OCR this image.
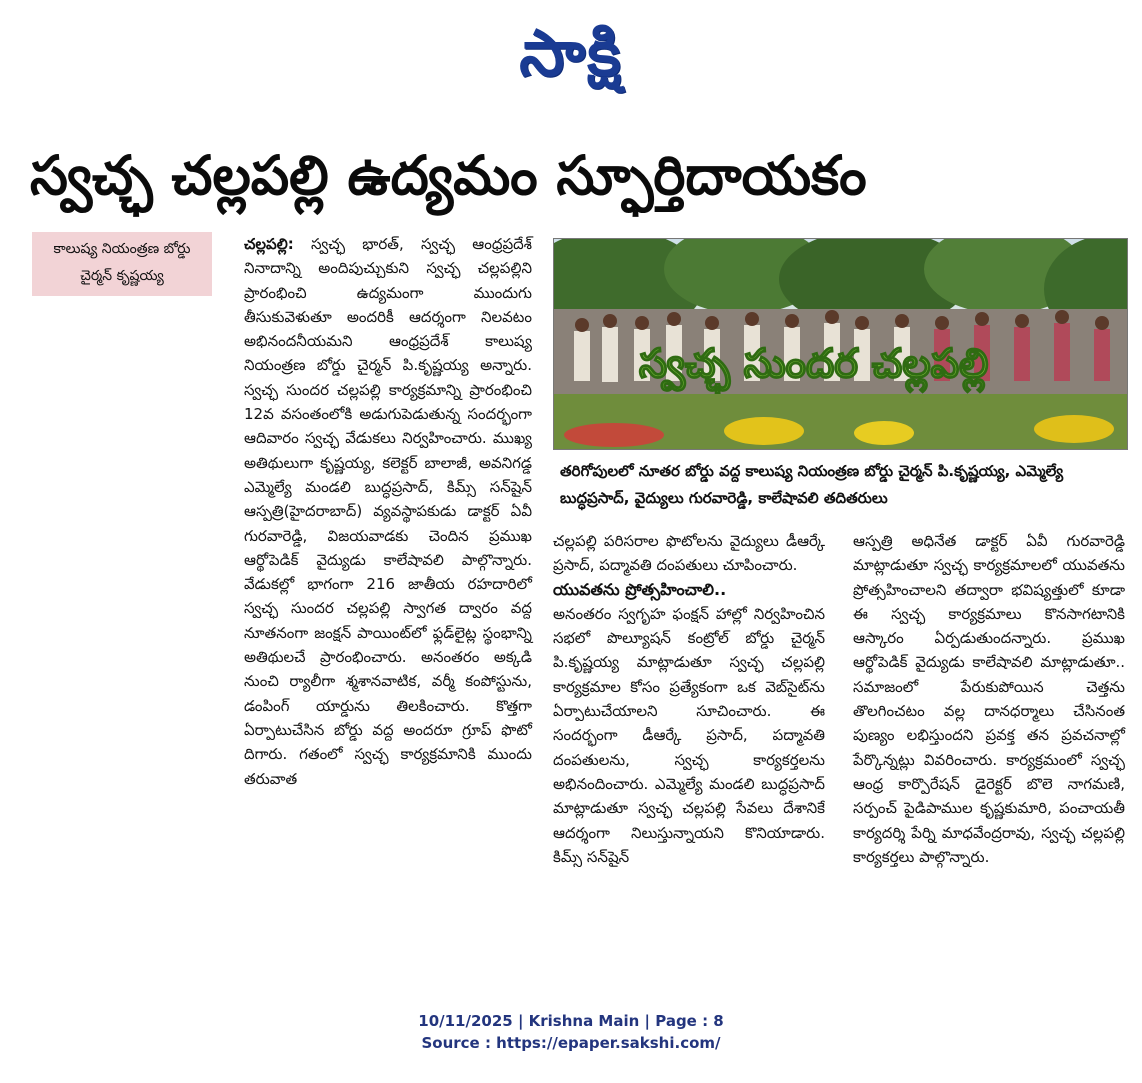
సాక్షి
స్వచ్ఛ చల్లపల్లి ఉద్యమం స్ఫూర్తిదాయకం
కాలుష్య నియంత్రణ బోర్డు చైర్మన్ కృష్ణయ్య

చల్లపల్లి: స్వచ్ఛ భారత్‌, స్వచ్ఛ ఆంధ్రప్రదేశ్‌ నినాదాన్ని అందిపుచ్చుకుని స్వచ్ఛ చల్లపల్లిని ప్రారంభించి ఉద్యమంగా ముందుగు తీసుకువెళుతూ అందరికీ ఆదర్శంగా నిలవటం అభినందనీయమని ఆంధ్రప్రదేశ్‌ కాలుష్య నియంత్రణ బోర్డు చైర్మన్‌ పి.కృష్ణయ్య అన్నారు. స్వచ్ఛ సుందర చల్లపల్లి కార్యక్రమాన్ని ప్రారంభించి 12వ వసంతంలోకి అడుగుపెడుతున్న సందర్భంగా ఆదివారం స్వచ్ఛ వేడుకలు నిర్వహించారు. ముఖ్య అతిథులుగా కృష్ణయ్య, కలెక్టర్‌ బాలాజీ, అవనిగడ్డ ఎమ్మెల్యే మండలి బుద్ధప్రసాద్‌, కిమ్స్‌ సన్‌షైన్‌ ఆస్పత్రి(హైదరాబాద్‌) వ్యవస్థాపకుడు డాక్టర్‌ ఏవీ గురవారెడ్డి, విజయవాడకు చెందిన ప్రముఖ ఆర్థోపెడిక్‌ వైద్యుడు కాలేషావలి పాల్గొన్నారు. వేడుకల్లో భాగంగా 216 జాతీయ రహదారిలో స్వచ్ఛ సుందర చల్లపల్లి స్వాగత ద్వారం వద్ద నూతనంగా జంక్షన్‌ పాయింట్‌లో ఫ్లడ్‌లైట్ల స్థంభాన్ని అతిథులచే ప్రారంభించారు. అనంతరం అక్కడి నుంచి ర్యాలీగా శ్మశానవాటిక, వర్మీ కంపోస్టును, డంపింగ్‌ యార్డును తిలకించారు. కొత్తగా ఏర్పాటుచేసిన బోర్డు వద్ద అందరూ గ్రూప్‌ ఫొటో దిగారు. గతంలో స్వచ్ఛ కార్యక్రమానికి ముందు తరువాత

స్వచ్ఛ సుందర చల్లపల్లి
తరిగోపులలో నూతర బోర్డు వద్ద కాలుష్య నియంత్రణ బోర్డు చైర్మన్‌ పి.కృష్ణయ్య, ఎమ్మెల్యే బుద్ధప్రసాద్‌, వైద్యులు గురవారెడ్డి, కాలేషావలి తదితరులు

చల్లపల్లి పరిసరాల ఫొటోలను వైద్యులు డీఆర్కే ప్రసాద్‌, పద్మావతి దంపతులు చూపించారు.

యువతను ప్రోత్సహించాలి..

అనంతరం స్వగృహ ఫంక్షన్‌ హాల్లో నిర్వహించిన సభలో పొల్యూషన్‌ కంట్రోల్‌ బోర్డు చైర్మన్‌ పి.కృష్ణయ్య మాట్లాడుతూ స్వచ్ఛ చల్లపల్లి కార్యక్రమాల కోసం ప్రత్యేకంగా ఒక వెబ్‌సైట్‌ను ఏర్పాటుచేయాలని సూచించారు. ఈ సందర్భంగా డీఆర్కే ప్రసాద్‌, పద్మావతి దంపతులను, స్వచ్ఛ కార్యకర్తలను అభినందించారు. ఎమ్మెల్యే మండలి బుద్ధప్రసాద్‌ మాట్లాడుతూ స్వచ్ఛ చల్లపల్లి సేవలు దేశానికే ఆదర్శంగా నిలుస్తున్నాయని కొనియాడారు. కిమ్స్‌ సన్‌షైన్‌

ఆస్పత్రి అధినేత డాక్టర్‌ ఏవీ గురవారెడ్డి మాట్లాడుతూ స్వచ్ఛ కార్యక్రమాలలో యువతను ప్రోత్సహించాలని తద్వారా భవిష్యత్తులో కూడా ఈ స్వచ్ఛ కార్యక్రమాలు కొనసాగటానికి ఆస్కారం ఏర్పడుతుందన్నారు. ప్రముఖ ఆర్థోపెడిక్‌ వైద్యుడు కాలేషావలి మాట్లాడుతూ.. సమాజంలో పేరుకుపోయిన చెత్తను తొలగించటం వల్ల దానధర్మాలు చేసినంత పుణ్యం లభిస్తుందని ప్రవక్త తన ప్రవచనాల్లో పేర్కొన్నట్లు వివరించారు. కార్యక్రమంలో స్వచ్ఛ ఆంధ్ర కార్పొరేషన్‌ డైరెక్టర్‌ బొలె నాగమణి, సర్పంచ్‌ పైడిపాముల కృష్ణకుమారి, పంచాయతీ కార్యదర్శి పేర్ని మాధవేంద్రరావు, స్వచ్ఛ చల్లపల్లి కార్యకర్తలు పాల్గొన్నారు.

10/11/2025 | Krishna Main | Page : 8
Source : https://epaper.sakshi.com/
